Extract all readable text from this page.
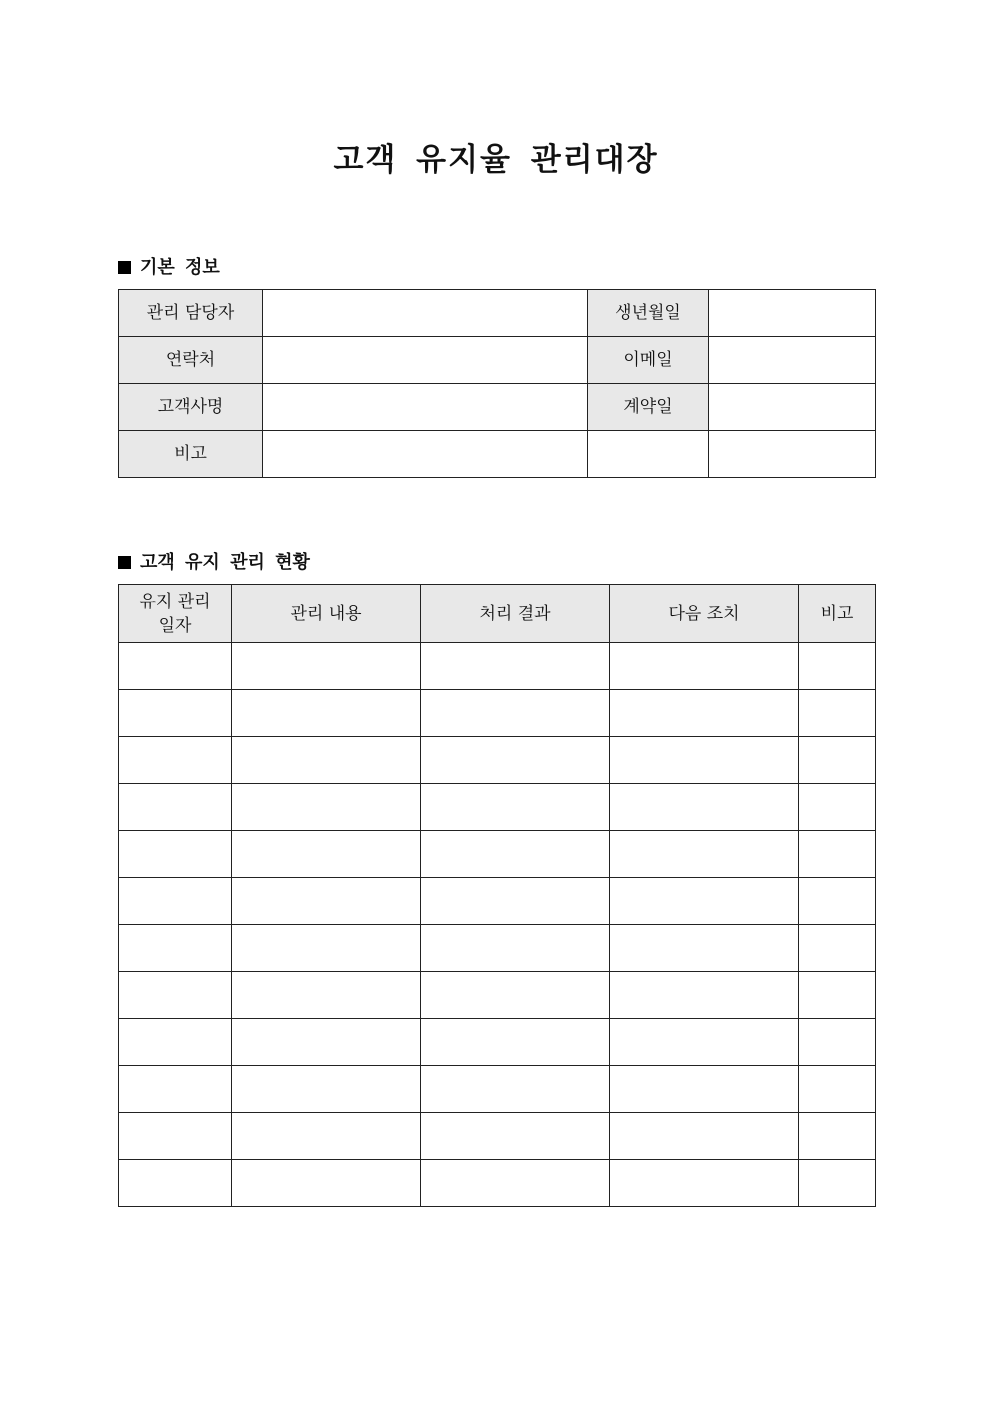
고객 유지율 관리대장
기본 정보
관리 담당자		생년월일	
연락처		이메일	
고객사명		계약일	
비고			
고객 유지 관리 현황
유지 관리
일자	관리 내용	처리 결과	다음 조치	비고
